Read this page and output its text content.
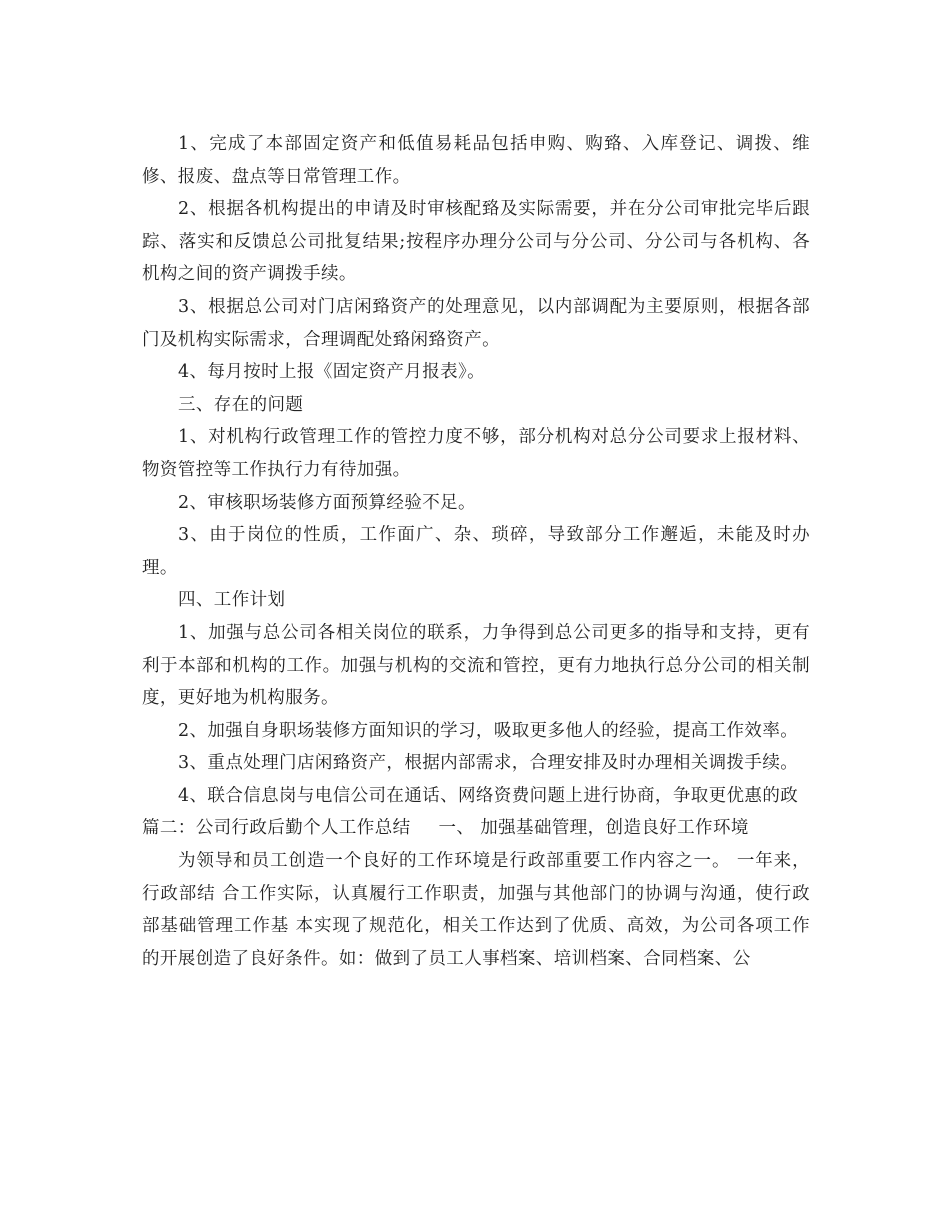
1、完成了本部固定资产和低值易耗品包括申购、购臵、入库登记、调拨、维修、报废、盘点等日常管理工作。

2、根据各机构提出的申请及时审核配臵及实际需要，并在分公司审批完毕后跟踪、落实和反馈总公司批复结果;按程序办理分公司与分公司、分公司与各机构、各机构之间的资产调拨手续。

3、根据总公司对门店闲臵资产的处理意见，以内部调配为主要原则，根据各部门及机构实际需求，合理调配处臵闲臵资产。

4、每月按时上报《固定资产月报表》。

三、存在的问题

1、对机构行政管理工作的管控力度不够，部分机构对总分公司要求上报材料、物资管控等工作执行力有待加强。

2、审核职场装修方面预算经验不足。

3、由于岗位的性质，工作面广、杂、琐碎，导致部分工作邂逅，未能及时办理。

四、工作计划

1、加强与总公司各相关岗位的联系，力争得到总公司更多的指导和支持，更有利于本部和机构的工作。加强与机构的交流和管控，更有力地执行总分公司的相关制度，更好地为机构服务。

2、加强自身职场装修方面知识的学习，吸取更多他人的经验，提高工作效率。

3、重点处理门店闲臵资产，根据内部需求，合理安排及时办理相关调拨手续。

4、联合信息岗与电信公司在通话、网络资费问题上进行协商，争取更优惠的政

篇二：公司行政后勤个人工作总结 一、 加强基础管理，创造良好工作环境

为领导和员工创造一个良好的工作环境是行政部重要工作内容之一。 一年来， 行政部结 合工作实际，认真履行工作职责，加强与其他部门的协调与沟通，使行政部基础管理工作基 本实现了规范化，相关工作达到了优质、高效，为公司各项工作的开展创造了良好条件。如：做到了员工人事档案、培训档案、合同档案、公
